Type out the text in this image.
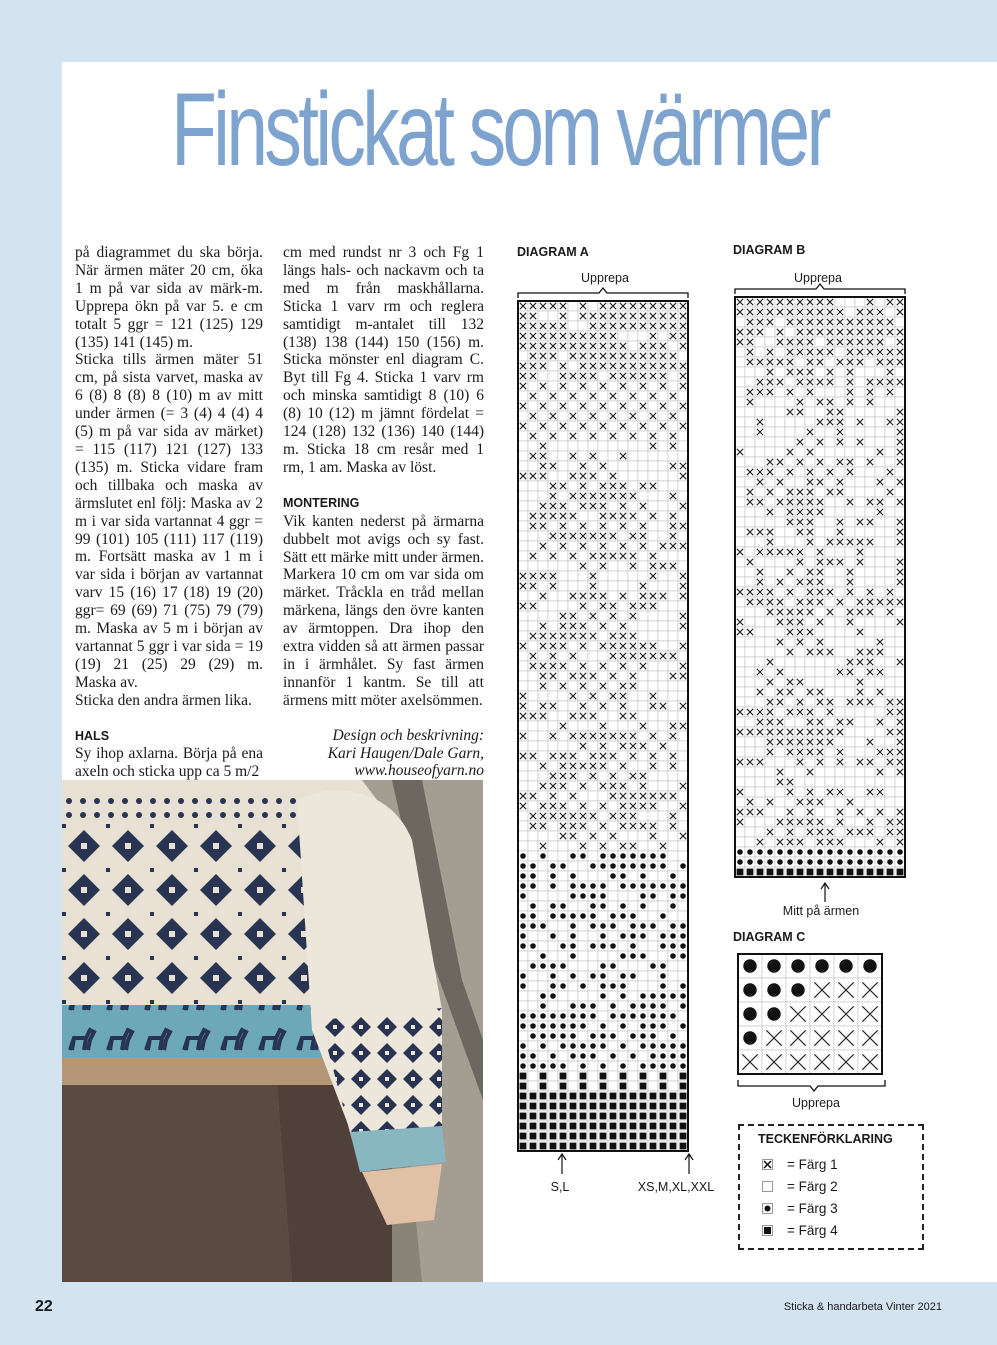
Finstickat som värmer

på diagrammet du ska börja. När ärmen mäter 20 cm, öka 1 m på var sida av märk-m. Upprepa ökn på var 5. e cm totalt 5 ggr = 121 (125) 129 (135) 141 (145) m.

Sticka tills ärmen mäter 51 cm, på sista varvet, maska av 6 (8) 8 (8) 8 (10) m av mitt under ärmen (= 3 (4) 4 (4) 4 (5) m på var sida av märket) = 115 (117) 121 (127) 133 (135) m. Sticka vidare fram och tillbaka och maska av ärmslutet enl följ: Maska av 2 m i var sida vartannat 4 ggr = 99 (101) 105 (111) 117 (119) m. Fortsätt maska av 1 m i var sida i början av vartannat varv 15 (16) 17 (18) 19 (20) ggr= 69 (69) 71 (75) 79 (79) m. Maska av 5 m i början av vartannat 5 ggr i var sida = 19 (19) 21 (25) 29 (29) m. Maska av.

Sticka den andra ärmen lika.

HALS

Sy ihop axlarna. Börja på ena axeln och sticka upp ca 5 m/2

cm med rundst nr 3 och Fg 1 längs hals- och nackavm och ta med m från maskhållarna. Sticka 1 varv rm och reglera samtidigt m-antalet till 132 (138) 138 (144) 150 (156) m. Sticka mönster enl diagram C. Byt till Fg 4. Sticka 1 varv rm och minska samtidigt 8 (10) 6 (8) 10 (12) m jämnt fördelat = 124 (128) 132 (136) 140 (144) m. Sticka 18 cm resår med 1 rm, 1 am. Maska av löst.

MONTERING

Vik kanten nederst på ärmarna dubbelt mot avigs och sy fast. Sätt ett märke mitt under ärmen. Markera 10 cm om var sida om märket. Tråckla en tråd mellan märkena, längs den övre kanten av ärmtoppen. Dra ihop den extra vidden så att ärmen passar in i ärmhålet. Sy fast ärmen innanför 1 kantm. Se till att ärmens mitt möter axelsömmen.

Design och beskrivning:
Kari Haugen/Dale Garn,
www.houseofyarn.no

DIAGRAM A
Upprepa
S,L	XS,M,XL,XXL
DIAGRAM B
Upprepa
Mitt på ärmen
DIAGRAM C
Upprepa
TECKENFÖRKLARING
= Färg 1
= Färg 2
= Färg 3
= Färg 4
22	Sticka & handarbeta Vinter 2021
